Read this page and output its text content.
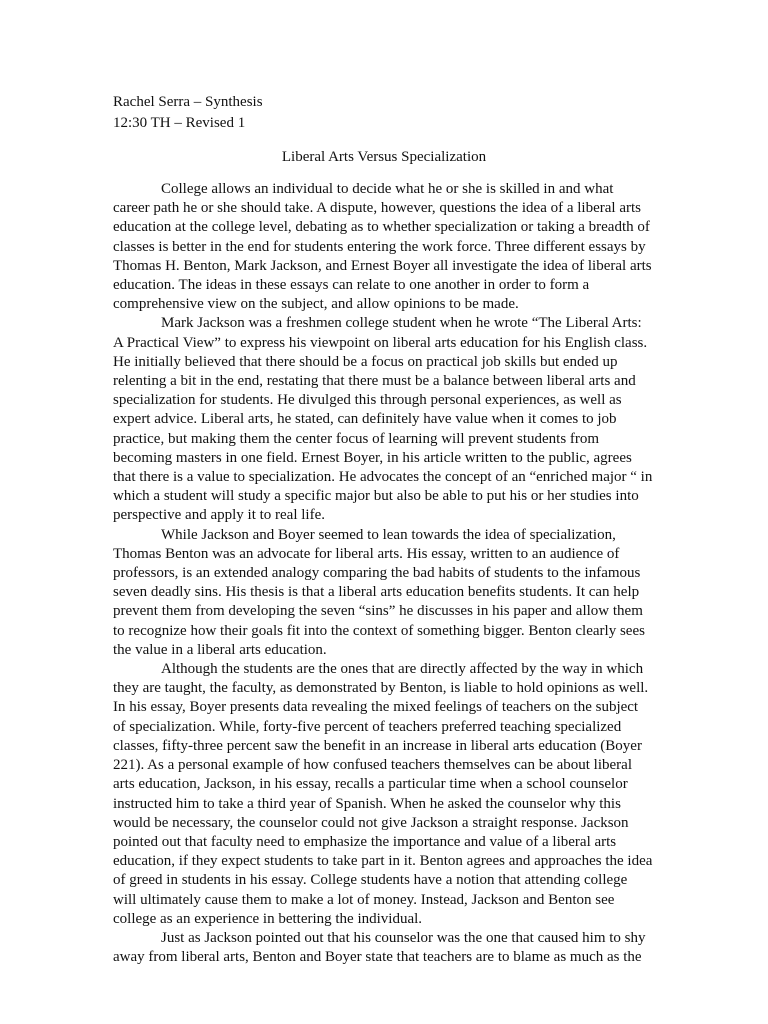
Rachel Serra – Synthesis
12:30 TH – Revised 1
Liberal Arts Versus Specialization

College allows an individual to decide what he or she is skilled in and what career path he or she should take. A dispute, however, questions the idea of a liberal arts education at the college level, debating as to whether specialization or taking a breadth of classes is better in the end for students entering the work force. Three different essays by Thomas H. Benton, Mark Jackson, and Ernest Boyer all investigate the idea of liberal arts education. The ideas in these essays can relate to one another in order to form a comprehensive view on the subject, and allow opinions to be made.

Mark Jackson was a freshmen college student when he wrote “The Liberal Arts: A Practical View” to express his viewpoint on liberal arts education for his English class. He initially believed that there should be a focus on practical job skills but ended up relenting a bit in the end, restating that there must be a balance between liberal arts and specialization for students. He divulged this through personal experiences, as well as expert advice. Liberal arts, he stated, can definitely have value when it comes to job practice, but making them the center focus of learning will prevent students from becoming masters in one field. Ernest Boyer, in his article written to the public, agrees that there is a value to specialization. He advocates the concept of an “enriched major “ in which a student will study a specific major but also be able to put his or her studies into perspective and apply it to real life.

While Jackson and Boyer seemed to lean towards the idea of specialization, Thomas Benton was an advocate for liberal arts. His essay, written to an audience of professors, is an extended analogy comparing the bad habits of students to the infamous seven deadly sins. His thesis is that a liberal arts education benefits students. It can help prevent them from developing the seven “sins” he discusses in his paper and allow them to recognize how their goals fit into the context of something bigger. Benton clearly sees the value in a liberal arts education.

Although the students are the ones that are directly affected by the way in which they are taught, the faculty, as demonstrated by Benton, is liable to hold opinions as well. In his essay, Boyer presents data revealing the mixed feelings of teachers on the subject of specialization. While, forty-five percent of teachers preferred teaching specialized classes, fifty-three percent saw the benefit in an increase in liberal arts education (Boyer 221). As a personal example of how confused teachers themselves can be about liberal arts education, Jackson, in his essay, recalls a particular time when a school counselor instructed him to take a third year of Spanish. When he asked the counselor why this would be necessary, the counselor could not give Jackson a straight response. Jackson pointed out that faculty need to emphasize the importance and value of a liberal arts education, if they expect students to take part in it. Benton agrees and approaches the idea of greed in students in his essay. College students have a notion that attending college will ultimately cause them to make a lot of money. Instead, Jackson and Benton see college as an experience in bettering the individual.

Just as Jackson pointed out that his counselor was the one that caused him to shy away from liberal arts, Benton and Boyer state that teachers are to blame as much as the
